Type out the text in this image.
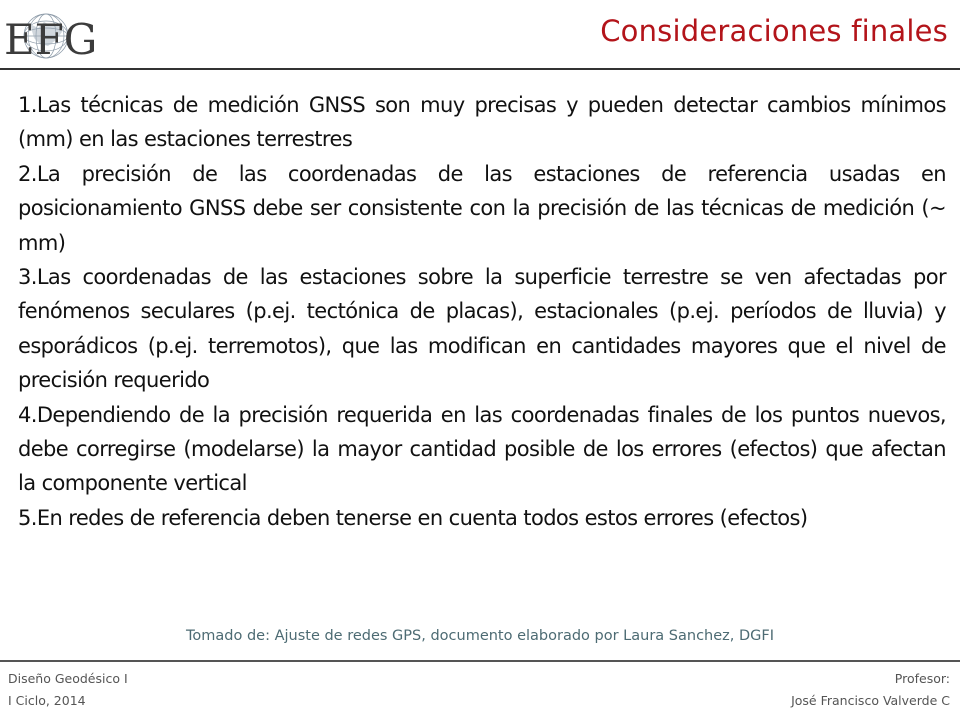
EFG	Consideraciones finales

1.Las técnicas de medición GNSS son muy precisas y pueden detectar cambios mínimos (mm) en las estaciones terrestres

2.La precisión de las coordenadas de las estaciones de referencia usadas en posicionamiento GNSS debe ser consistente con la precisión de las técnicas de medición (~ mm)

3.Las coordenadas de las estaciones sobre la superficie terrestre se ven afectadas por fenómenos seculares (p.ej. tectónica de placas), estacionales (p.ej. períodos de lluvia) y esporádicos (p.ej. terremotos), que las modifican en cantidades mayores que el nivel de precisión requerido

4.Dependiendo de la precisión requerida en las coordenadas finales de los puntos nuevos, debe corregirse (modelarse) la mayor cantidad posible de los errores (efectos) que afectan la componente vertical

5.En redes de referencia deben tenerse en cuenta todos estos errores (efectos)

Tomado de: Ajuste de redes GPS, documento elaborado por Laura Sanchez, DGFI
Diseño Geodésico I
I Ciclo, 2014
Profesor:
José Francisco Valverde C
